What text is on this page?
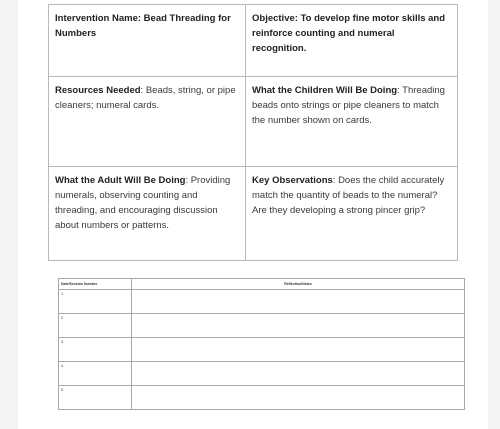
Intervention Name: Bead Threading for Numbers	Objective: To develop fine motor skills and reinforce counting and numeral recognition.
Resources Needed: Beads, string, or pipe cleaners; numeral cards.	What the Children Will Be Doing: Threading beads onto strings or pipe cleaners to match the number shown on cards.
What the Adult Will Be Doing: Providing numerals, observing counting and threading, and encouraging discussion about numbers or patterns.	Key Observations: Does the child accurately match the quantity of beads to the numeral? Are they developing a strong pincer grip?
Date/Session Number	Reflection/Notes
1	
2	
3	
4	
5	
